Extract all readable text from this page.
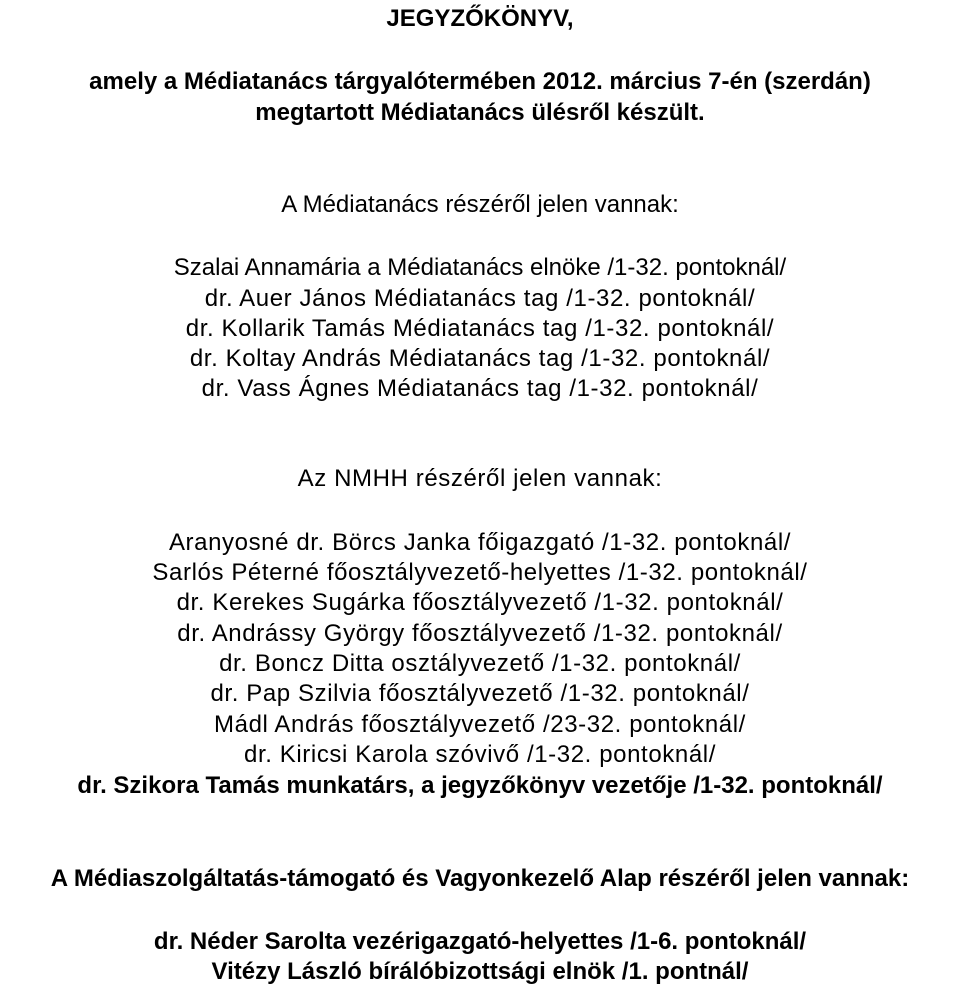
JEGYZŐKÖNYV,

amely a Médiatanács tárgyalótermében 2012. március 7-én (szerdán)

megtartott Médiatanács ülésről készült.

A Médiatanács részéről jelen vannak:

Szalai Annamária a Médiatanács elnöke /1-32. pontoknál/

dr. Auer János Médiatanács tag /1-32. pontoknál/

dr. Kollarik Tamás Médiatanács tag /1-32. pontoknál/

dr. Koltay András Médiatanács tag /1-32. pontoknál/

dr. Vass Ágnes Médiatanács tag /1-32. pontoknál/

Az NMHH részéről jelen vannak:

Aranyosné dr. Börcs Janka főigazgató /1-32. pontoknál/

Sarlós Péterné főosztályvezető-helyettes /1-32. pontoknál/

dr. Kerekes Sugárka főosztályvezető /1-32. pontoknál/

dr. Andrássy György főosztályvezető /1-32. pontoknál/

dr. Boncz Ditta osztályvezető /1-32. pontoknál/

dr. Pap Szilvia főosztályvezető /1-32. pontoknál/

Mádl András főosztályvezető /23-32. pontoknál/

dr. Kiricsi Karola szóvivő /1-32. pontoknál/

dr. Szikora Tamás munkatárs, a jegyzőkönyv vezetője /1-32. pontoknál/

A Médiaszolgáltatás-támogató és Vagyonkezelő Alap részéről jelen vannak:

dr. Néder Sarolta vezérigazgató-helyettes /1-6. pontoknál/

Vitézy László bírálóbizottsági elnök /1. pontnál/
